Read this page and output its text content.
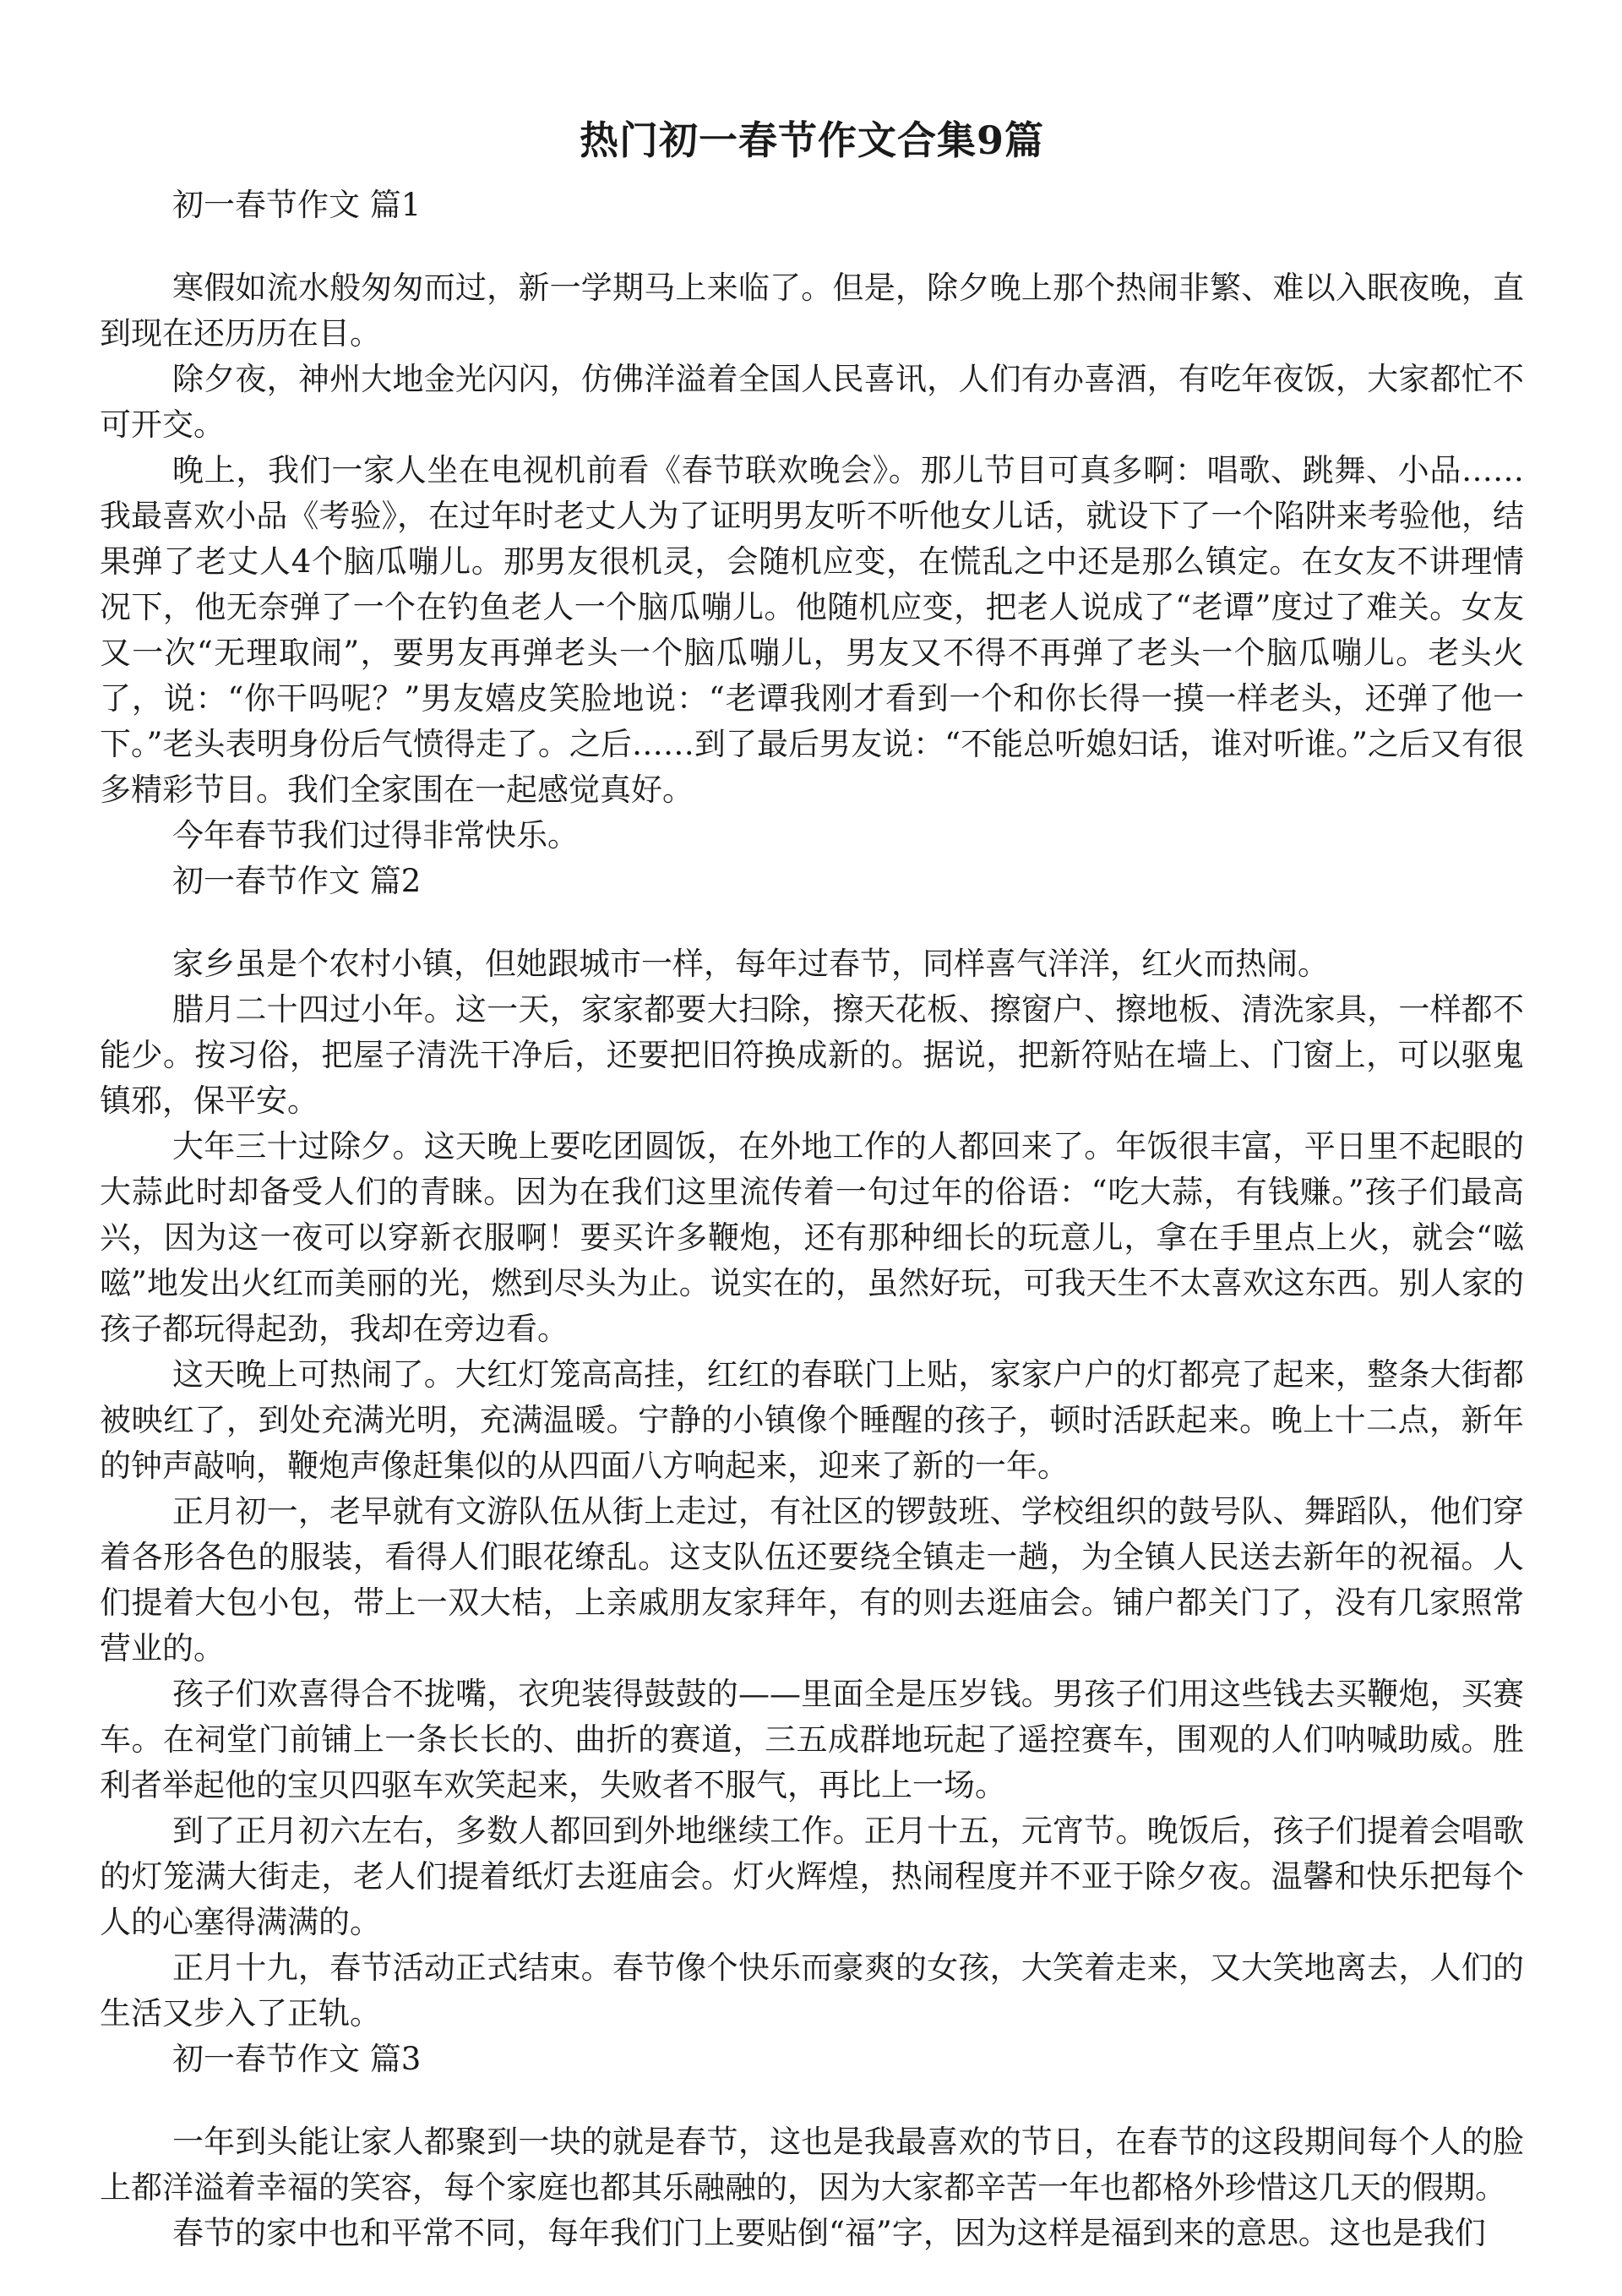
热门初一春节作文合集9篇
初一春节作文 篇1

寒假如流水般匆匆而过，新一学期马上来临了。但是，除夕晚上那个热闹非繁、难以入眠夜晚，直到现在还历历在目。

除夕夜，神州大地金光闪闪，仿佛洋溢着全国人民喜讯，人们有办喜酒，有吃年夜饭，大家都忙不可开交。

晚上，我们一家人坐在电视机前看《春节联欢晚会》。那儿节目可真多啊：唱歌、跳舞、小品……我最喜欢小品《考验》，在过年时老丈人为了证明男友听不听他女儿话，就设下了一个陷阱来考验他，结果弹了老丈人4个脑瓜嘣儿。那男友很机灵，会随机应变，在慌乱之中还是那么镇定。在女友不讲理情况下，他无奈弹了一个在钓鱼老人一个脑瓜嘣儿。他随机应变，把老人说成了“老谭”度过了难关。女友又一次“无理取闹”，要男友再弹老头一个脑瓜嘣儿，男友又不得不再弹了老头一个脑瓜嘣儿。老头火了，说：“你干吗呢？”男友嬉皮笑脸地说：“老谭我刚才看到一个和你长得一摸一样老头，还弹了他一下。”老头表明身份后气愤得走了。之后……到了最后男友说：“不能总听媳妇话，谁对听谁。”之后又有很多精彩节目。我们全家围在一起感觉真好。

今年春节我们过得非常快乐。

初一春节作文 篇2

家乡虽是个农村小镇，但她跟城市一样，每年过春节，同样喜气洋洋，红火而热闹。

腊月二十四过小年。这一天，家家都要大扫除，擦天花板、擦窗户、擦地板、清洗家具，一样都不能少。按习俗，把屋子清洗干净后，还要把旧符换成新的。据说，把新符贴在墙上、门窗上，可以驱鬼镇邪，保平安。

大年三十过除夕。这天晚上要吃团圆饭，在外地工作的人都回来了。年饭很丰富，平日里不起眼的大蒜此时却备受人们的青睐。因为在我们这里流传着一句过年的俗语：“吃大蒜，有钱赚。”孩子们最高兴，因为这一夜可以穿新衣服啊！要买许多鞭炮，还有那种细长的玩意儿，拿在手里点上火，就会“嗞嗞”地发出火红而美丽的光，燃到尽头为止。说实在的，虽然好玩，可我天生不太喜欢这东西。别人家的孩子都玩得起劲，我却在旁边看。

这天晚上可热闹了。大红灯笼高高挂，红红的春联门上贴，家家户户的灯都亮了起来，整条大街都被映红了，到处充满光明，充满温暖。宁静的小镇像个睡醒的孩子，顿时活跃起来。晚上十二点，新年的钟声敲响，鞭炮声像赶集似的从四面八方响起来，迎来了新的一年。

正月初一，老早就有文游队伍从街上走过，有社区的锣鼓班、学校组织的鼓号队、舞蹈队，他们穿着各形各色的服装，看得人们眼花缭乱。这支队伍还要绕全镇走一趟，为全镇人民送去新年的祝福。人们提着大包小包，带上一双大桔，上亲戚朋友家拜年，有的则去逛庙会。铺户都关门了，没有几家照常营业的。

孩子们欢喜得合不拢嘴，衣兜装得鼓鼓的——里面全是压岁钱。男孩子们用这些钱去买鞭炮，买赛车。在祠堂门前铺上一条长长的、曲折的赛道，三五成群地玩起了遥控赛车，围观的人们呐喊助威。胜利者举起他的宝贝四驱车欢笑起来，失败者不服气，再比上一场。

到了正月初六左右，多数人都回到外地继续工作。正月十五，元宵节。晚饭后，孩子们提着会唱歌的灯笼满大街走，老人们提着纸灯去逛庙会。灯火辉煌，热闹程度并不亚于除夕夜。温馨和快乐把每个人的心塞得满满的。

正月十九，春节活动正式结束。春节像个快乐而豪爽的女孩，大笑着走来，又大笑地离去，人们的生活又步入了正轨。

初一春节作文 篇3

一年到头能让家人都聚到一块的就是春节，这也是我最喜欢的节日，在春节的这段期间每个人的脸上都洋溢着幸福的笑容，每个家庭也都其乐融融的，因为大家都辛苦一年也都格外珍惜这几天的假期。

春节的家中也和平常不同，每年我们门上要贴倒“福”字，因为这样是福到来的意思。这也是我们
